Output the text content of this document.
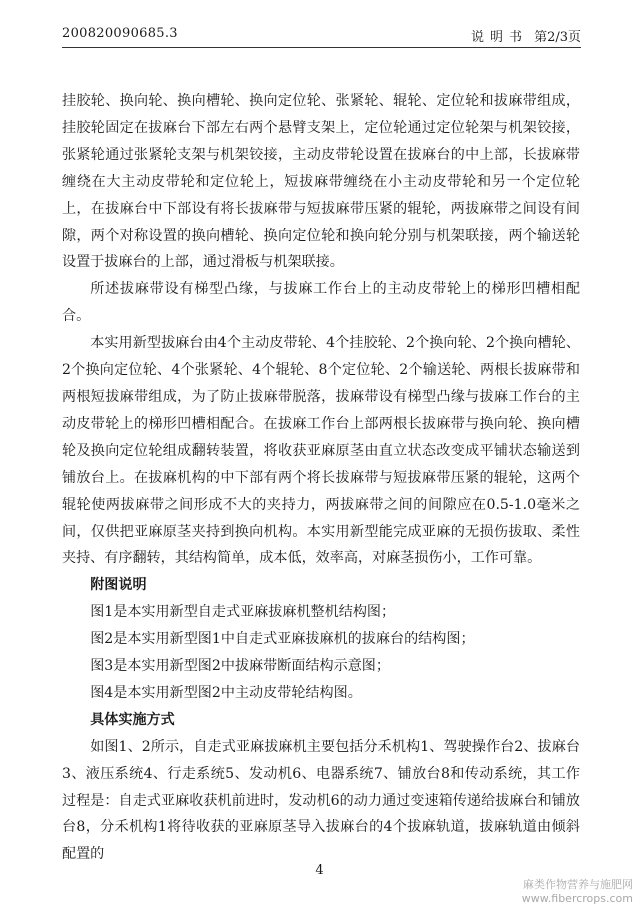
200820090685.3	说明书 第2/3页

挂胶轮、换向轮、换向槽轮、换向定位轮、张紧轮、辊轮、定位轮和拔麻带组成，挂胶轮固定在拔麻台下部左右两个悬臂支架上，定位轮通过定位轮架与机架铰接，张紧轮通过张紧轮支架与机架铰接，主动皮带轮设置在拔麻台的中上部，长拔麻带缠绕在大主动皮带轮和定位轮上，短拔麻带缠绕在小主动皮带轮和另一个定位轮上，在拔麻台中下部设有将长拔麻带与短拔麻带压紧的辊轮，两拔麻带之间设有间隙，两个对称设置的换向槽轮、换向定位轮和换向轮分别与机架联接，两个输送轮设置于拔麻台的上部，通过滑板与机架联接。

所述拔麻带设有梯型凸缘，与拔麻工作台上的主动皮带轮上的梯形凹槽相配合。

本实用新型拔麻台由4个主动皮带轮、4个挂胶轮、2个换向轮、2个换向槽轮、2个换向定位轮、4个张紧轮、4个辊轮、8个定位轮、2个输送轮、两根长拔麻带和两根短拔麻带组成，为了防止拔麻带脱落，拔麻带设有梯型凸缘与拔麻工作台的主动皮带轮上的梯形凹槽相配合。在拔麻工作台上部两根长拔麻带与换向轮、换向槽轮及换向定位轮组成翻转装置，将收获亚麻原茎由直立状态改变成平铺状态输送到铺放台上。在拔麻机构的中下部有两个将长拔麻带与短拔麻带压紧的辊轮，这两个辊轮使两拔麻带之间形成不大的夹持力，两拔麻带之间的间隙应在0.5-1.0毫米之间，仅供把亚麻原茎夹持到换向机构。本实用新型能完成亚麻的无损伤拔取、柔性夹持、有序翻转，其结构简单，成本低，效率高，对麻茎损伤小，工作可靠。

附图说明

图1是本实用新型自走式亚麻拔麻机整机结构图；

图2是本实用新型图1中自走式亚麻拔麻机的拔麻台的结构图；

图3是本实用新型图2中拔麻带断面结构示意图；

图4是本实用新型图2中主动皮带轮结构图。

具体实施方式

如图1、2所示，自走式亚麻拔麻机主要包括分禾机构1、驾驶操作台2、拔麻台3、液压系统4、行走系统5、发动机6、电器系统7、铺放台8和传动系统，其工作过程是：自走式亚麻收获机前进时，发动机6的动力通过变速箱传递给拔麻台和铺放台8，分禾机构1将待收获的亚麻原茎导入拔麻台的4个拔麻轨道，拔麻轨道由倾斜配置的

4
麻类作物营养与施肥网
www.fibercrops.com
